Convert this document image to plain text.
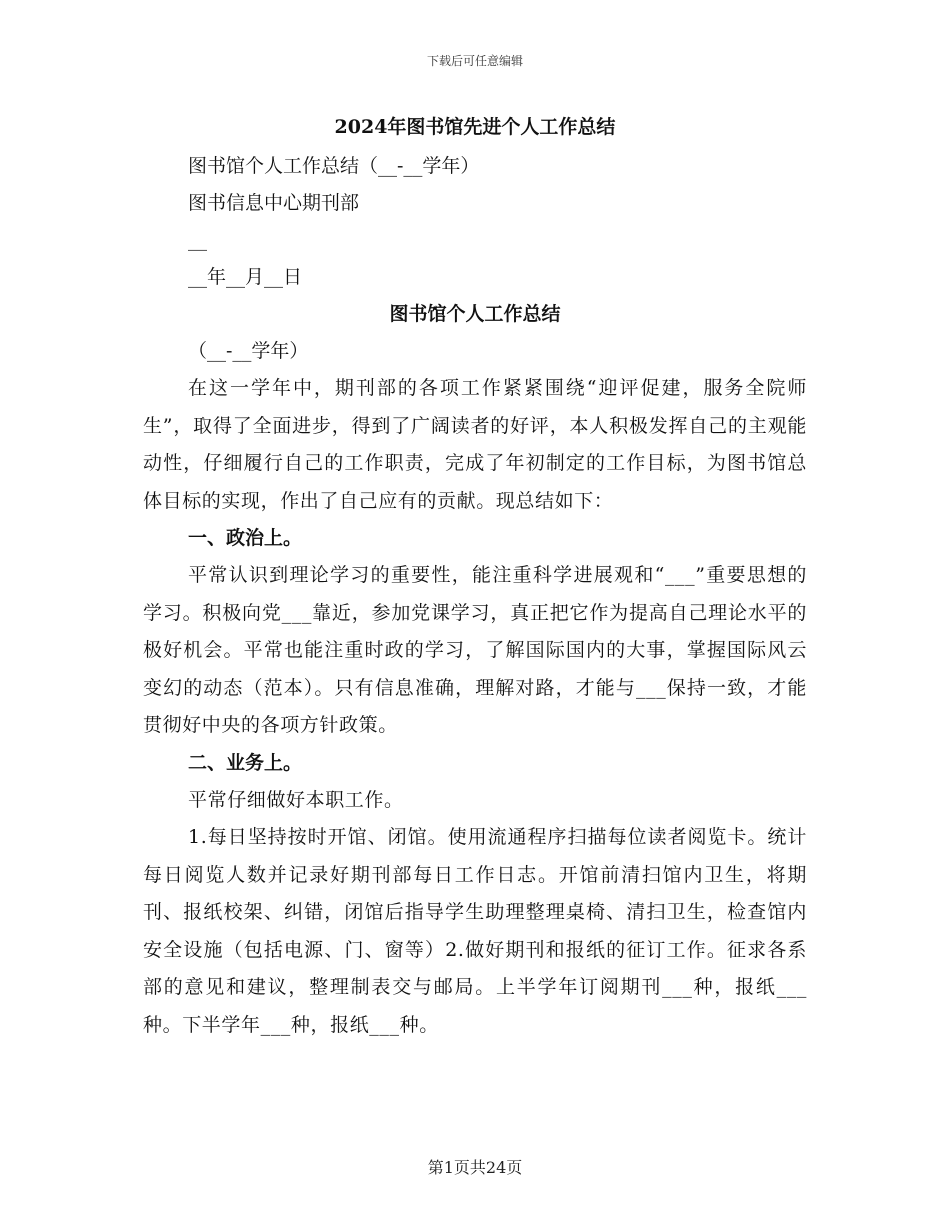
下载后可任意编辑

2024年图书馆先进个人工作总结

图书馆个人工作总结（__-__学年）

图书信息中心期刊部

__

__年__月__日

图书馆个人工作总结

（__-__学年）

在这一学年中，期刊部的各项工作紧紧围绕“迎评促建，服务全院师生”，取得了全面进步，得到了广阔读者的好评，本人积极发挥自己的主观能动性，仔细履行自己的工作职责，完成了年初制定的工作目标，为图书馆总体目标的实现，作出了自己应有的贡献。现总结如下：

一、政治上。

平常认识到理论学习的重要性，能注重科学进展观和“___”重要思想的学习。积极向党___靠近，参加党课学习，真正把它作为提高自己理论水平的极好机会。平常也能注重时政的学习，了解国际国内的大事，掌握国际风云变幻的动态（范本）。只有信息准确，理解对路，才能与___保持一致，才能贯彻好中央的各项方针政策。

二、业务上。

平常仔细做好本职工作。

1.每日坚持按时开馆、闭馆。使用流通程序扫描每位读者阅览卡。统计每日阅览人数并记录好期刊部每日工作日志。开馆前清扫馆内卫生，将期刊、报纸校架、纠错，闭馆后指导学生助理整理桌椅、清扫卫生，检查馆内安全设施（包括电源、门、窗等）2.做好期刊和报纸的征订工作。征求各系部的意见和建议，整理制表交与邮局。上半学年订阅期刊___种，报纸___种。下半学年___种，报纸___种。

第1页共24页
